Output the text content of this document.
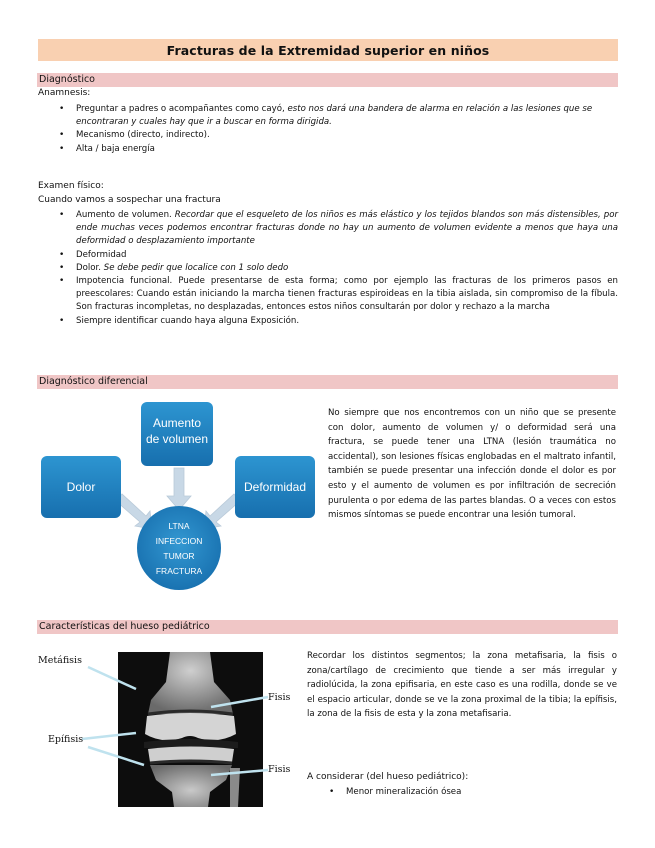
Fracturas de la Extremidad superior en niños
Diagnóstico
Anamnesis:
• Preguntar a padres o acompañantes como cayó, esto nos dará una bandera de alarma en relación a las lesiones que se encontraran y cuales hay que ir a buscar en forma dirigida.
• Mecanismo (directo, indirecto).
• Alta / baja energía
Examen físico:
Cuando vamos a sospechar una fractura
• Aumento de volumen. Recordar que el esqueleto de los niños es más elástico y los tejidos blandos son más distensibles, por ende muchas veces podemos encontrar fracturas donde no hay un aumento de volumen evidente a menos que haya una deformidad o desplazamiento importante
• Deformidad
• Dolor. Se debe pedir que localice con 1 solo dedo
• Impotencia funcional. Puede presentarse de esta forma; como por ejemplo las fracturas de los primeros pasos en preescolares: Cuando están iniciando la marcha tienen fracturas espiroideas en la tibia aislada, sin compromiso de la fíbula. Son fracturas incompletas, no desplazadas, entonces estos niños consultarán por dolor y rechazo a la marcha
• Siempre identificar cuando haya alguna Exposición.
Diagnóstico diferencial
Aumento
de volumen
Dolor	Deformidad
LTNA
INFECCION
TUMOR
FRACTURA
No siempre que nos encontremos con un niño que se presente con dolor, aumento de volumen y/ o deformidad será una fractura, se puede tener una LTNA (lesión traumática no accidental), son lesiones físicas englobadas en el maltrato infantil, también se puede presentar una infección donde el dolor es por esto y el aumento de volumen es por infiltración de secreción purulenta o por edema de las partes blandas. O a veces con estos mismos síntomas se puede encontrar una lesión tumoral.
Características del hueso pediátrico
Metáfisis
Epífisis
Fisis
Fisis
Recordar los distintos segmentos; la zona metafisaria, la fisis o zona/cartílago de crecimiento que tiende a ser más irregular y radiolúcida, la zona epifisaria, en este caso es una rodilla, donde se ve el espacio articular, donde se ve la zona proximal de la tibia; la epífisis, la zona de la fisis de esta y la zona metafisaria.
A considerar (del hueso pediátrico):
• Menor mineralización ósea
